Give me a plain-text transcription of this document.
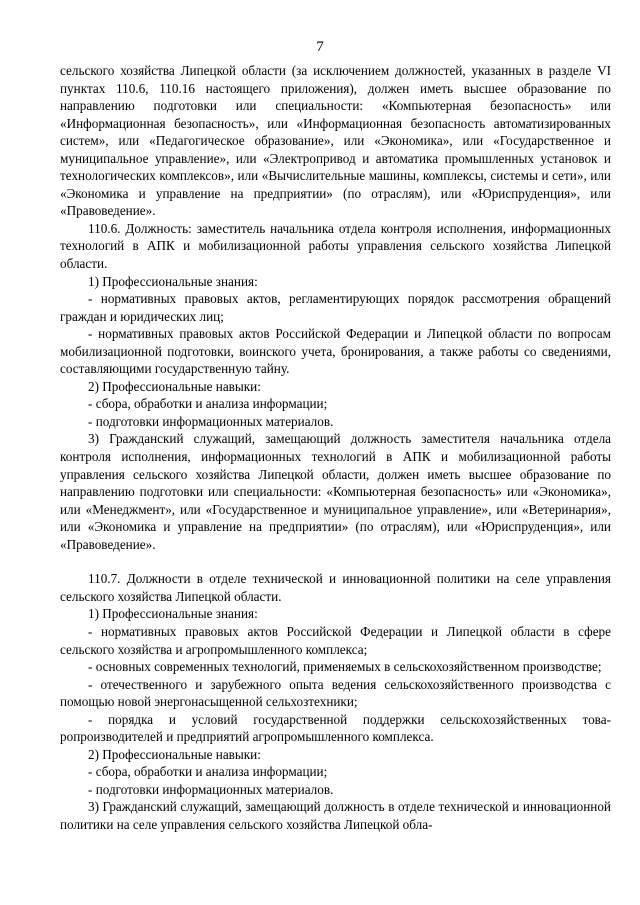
7

сельского хозяйства Липецкой области (за исключением должностей, указанных в разделе VI пунктах 110.6, 110.16 настоящего приложения), должен иметь высшее образование по направлению подготовки или специальности: «Компьютерная безопасность» или «Информационная безопасность», или «Информационная безопасность автоматизированных систем», или «Педагогическое образование», или «Экономика», или «Государственное и муниципальное управление», или «Электропривод и автоматика промышленных установок и технологических комплексов», или «Вычислительные машины, комплексы, системы и сети», или «Экономика и управление на предприятии» (по отраслям), или «Юриспруденция», или «Правоведение».

110.6. Должность: заместитель начальника отдела контроля исполнения, информационных технологий в АПК и мобилизационной работы управления сельского хозяйства Липецкой области.

1) Профессиональные знания:

- нормативных правовых актов, регламентирующих порядок рассмотрения обращений граждан и юридических лиц;

- нормативных правовых актов Российской Федерации и Липецкой области по вопросам мобилизационной подготовки, воинского учета, бронирования, а также работы со сведениями, составляющими государственную тайну.

2) Профессиональные навыки:

- сбора, обработки и анализа информации;

- подготовки информационных материалов.

3) Гражданский служащий, замещающий должность заместителя начальника отдела контроля исполнения, информационных технологий в АПК и мобилизационной работы управления сельского хозяйства Липецкой области, должен иметь высшее образование по направлению подготовки или специальности: «Компьютерная безопасность» или «Экономика», или «Менеджмент», или «Государственное и муниципальное управление», или «Ветеринария», или «Экономика и управление на предприятии» (по отраслям), или «Юриспруденция», или «Правоведение».

110.7. Должности в отделе технической и инновационной политики на селе управления сельского хозяйства Липецкой области.

1) Профессиональные знания:

- нормативных правовых актов Российской Федерации и Липецкой области в сфере сельского хозяйства и агропромышленного комплекса;

- основных современных технологий, применяемых в сельскохозяйственном производстве;

- отечественного и зарубежного опыта ведения сельскохозяйственного производства с помощью новой энергонасыщенной сельхозтехники;

- порядка и условий государственной поддержки сельскохозяйственных товаропроизводителей и предприятий агропромышленного комплекса.

2) Профессиональные навыки:

- сбора, обработки и анализа информации;

- подготовки информационных материалов.

3) Гражданский служащий, замещающий должность в отделе технической и инновационной политики на селе управления сельского хозяйства Липецкой обла-
